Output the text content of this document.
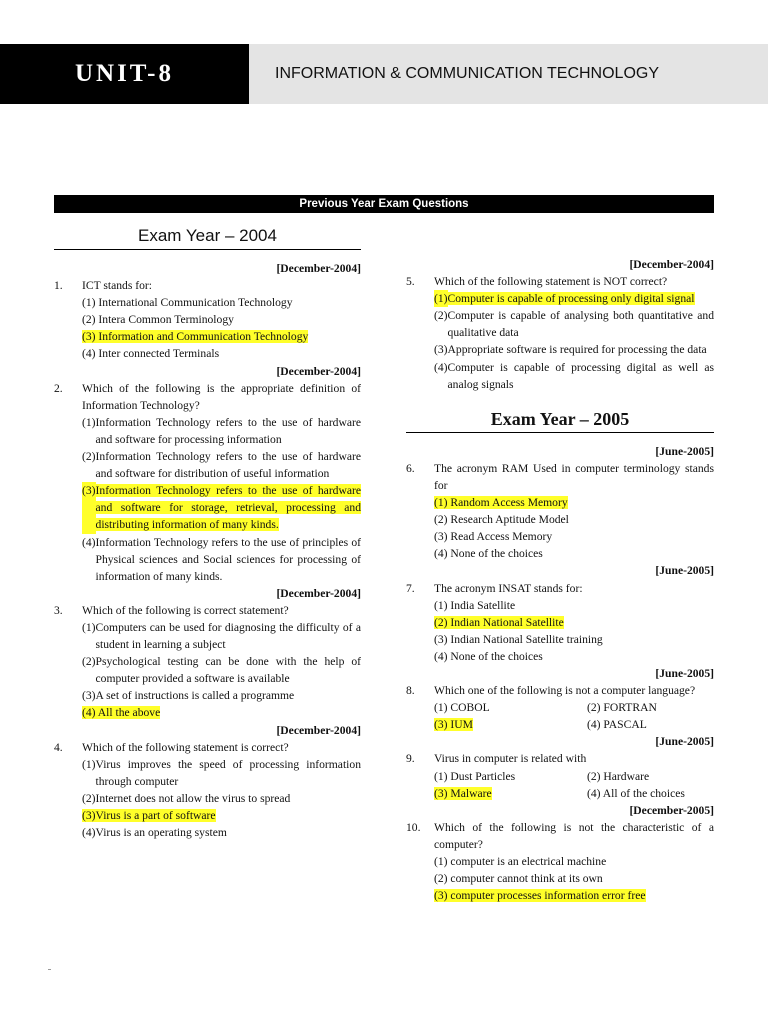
UNIT-8	INFORMATION & COMMUNICATION TECHNOLOGY
Previous Year Exam Questions
Exam Year – 2004
[December-2004]
1.	ICT stands for:
(1) International Communication Technology
(2) Intera Common Terminology
(3) Information and Communication Technology
(4) Inter connected Terminals
[December-2004]
2.	Which of the following is the appropriate definition of Information Technology?
(1) Information Technology refers to the use of hardware and software for processing information
(2) Information Technology refers to the use of hardware and software for distribution of useful information
(3) Information Technology refers to the use of hardware and software for storage, retrieval, processing and distributing information of many kinds.
(4) Information Technology refers to the use of principles of Physical sciences and Social sciences for processing of information of many kinds.
[December-2004]
3.	Which of the following is correct statement?
(1) Computers can be used for diagnosing the difficulty of a student in learning a subject
(2) Psychological testing can be done with the help of computer provided a software is available
(3) A set of instructions is called a programme
(4) All the above
[December-2004]
4.	Which of the following statement is correct?
(1) Virus improves the speed of processing information through computer
(2) Internet does not allow the virus to spread
(3)Virus is a part of software
(4) Virus is an operating system
[December-2004]
5.	Which of the following statement is NOT correct?
(1) Computer is capable of processing only digital signal
(2) Computer is capable of analysing both quantitative and qualitative data
(3) Appropriate software is required for processing the data
(4) Computer is capable of processing digital as well as analog signals
Exam Year – 2005
[June-2005]
6.	The acronym RAM Used in computer terminology stands for
(1) Random Access Memory
(2) Research Aptitude Model
(3) Read Access Memory
(4) None of the choices
[June-2005]
7.	The acronym INSAT stands for:
(1) India Satellite
(2) Indian National Satellite
(3) Indian National Satellite training
(4) None of the choices
[June-2005]
8.	Which one of the following is not a computer language?
(1) COBOL	(2) FORTRAN
(3) IUM	(4) PASCAL
[June-2005]
9.	Virus in computer is related with
(1) Dust Particles	(2) Hardware
(3) Malware	(4) All of the choices
[December-2005]
10.	Which of the following is not the characteristic of a computer?
(1) computer is an electrical machine
(2) computer cannot think at its own
(3) computer processes information error free
